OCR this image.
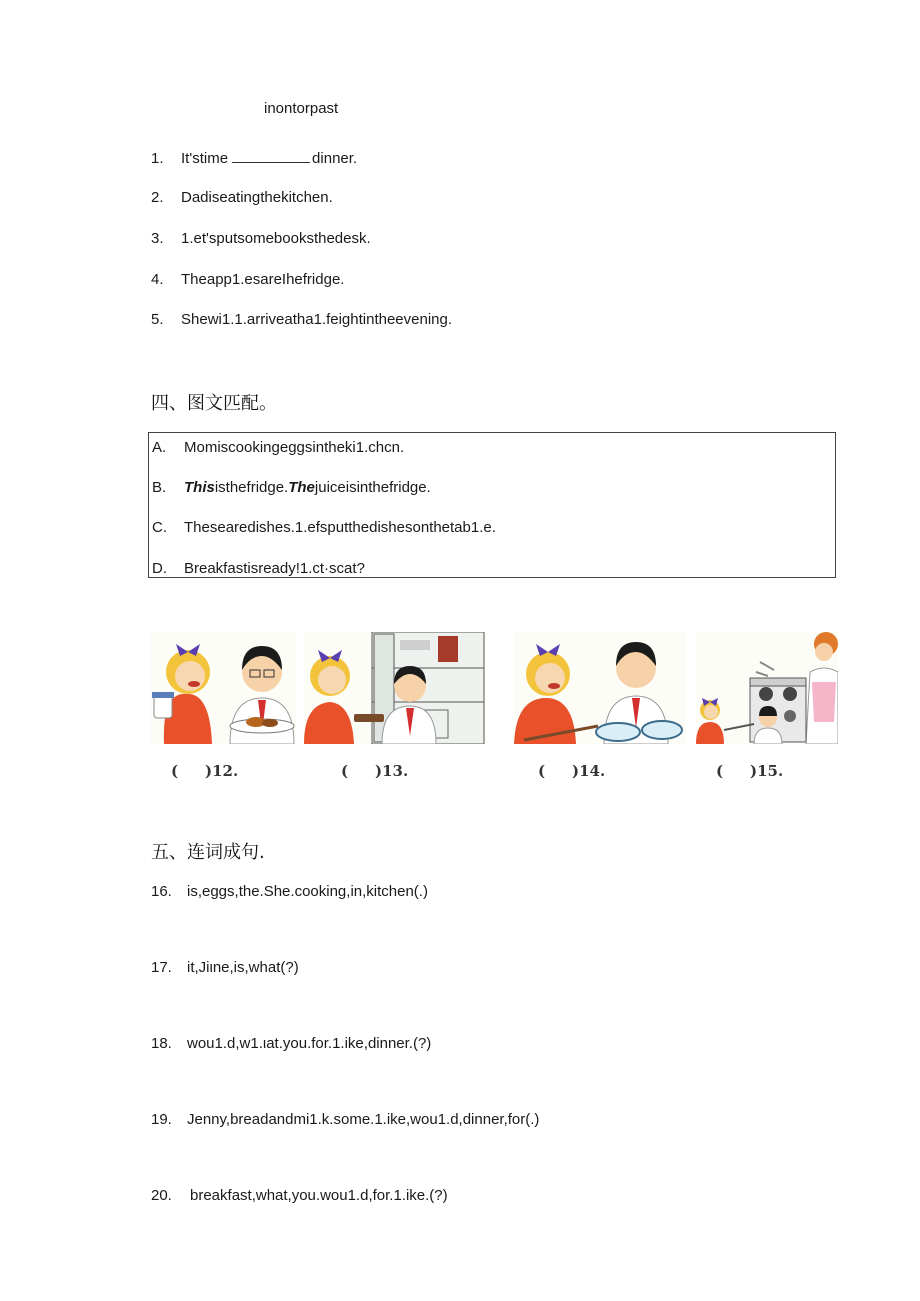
inontorpast
1. It'stime	dinner.
2. Dadiseatingthekitchen.
3. 1.et'sputsomebooksthedesk.
4. Theapp1.esareIhefridge.
5. Shewi1.1.arriveatha1.feightintheevening.
四、图文匹配。
A. Momiscookingeggsintheki1.chcn.
B. Thisisthefridge.Thejuiceisinthefridge.
C. Thesearedishes.1.efsputthedishesonthetab1.e.
D. Breakfastisready!1.ct·scat?
( )12.	( )13.	( )14.	( )15.
五、连词成句.
16. is,eggs,the.She.cooking,in,kitchen(.)
17. it,Jiιne,is,what(?)
18. wou1.d,w1.ιat.you.for.1.ike,dinner.(?)
19. Jenny,breadandmi1.k.some.1.ike,wou1.d,dinner,for(.)
20. breakfast,what,you.wou1.d,for.1.ike.(?)
